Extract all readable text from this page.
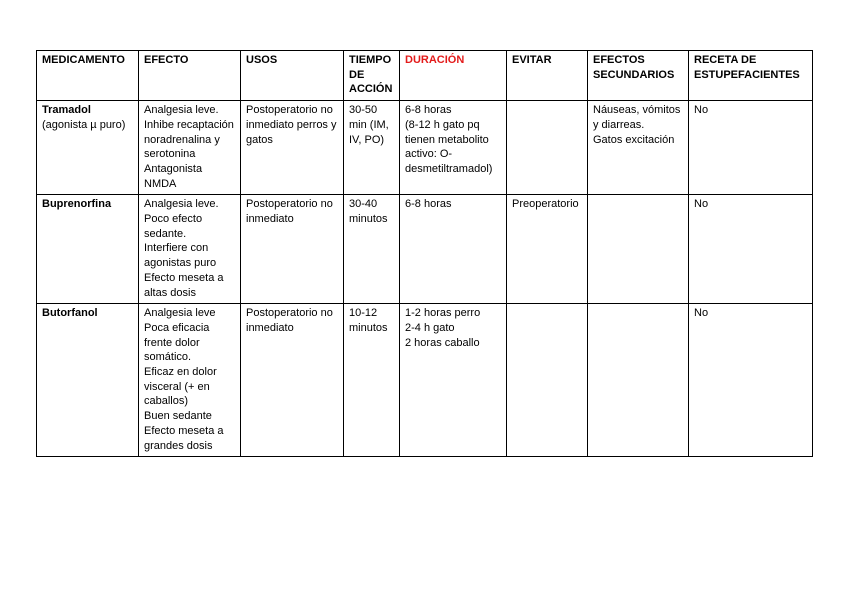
MEDICAMENTO	EFECTO	USOS	TIEMPO DE ACCIÓN	DURACIÓN	EVITAR	EFECTOS SECUNDARIOS	RECETA DE ESTUPEFACIENTES

Tramadol
(agonista µ puro)	Analgesia leve.
Inhibe recaptación noradrenalina y serotonina
Antagonista NMDA	Postoperatorio no inmediato perros y gatos	30-50 min (IM, IV, PO)	6-8 horas
(8-12 h gato pq tienen metabolito activo: O-desmetiltramadol)		Náuseas, vómitos y diarreas.
Gatos excitación	No

Buprenorfina	Analgesia leve.
Poco efecto sedante.
Interfiere con agonistas puro
Efecto meseta a altas dosis	Postoperatorio no inmediato	30-40 minutos	6-8 horas	Preoperatorio		No

Butorfanol	Analgesia leve
Poca eficacia frente dolor somático.
Eficaz en dolor visceral (+ en caballos)
Buen sedante
Efecto meseta a grandes dosis	Postoperatorio no inmediato	10-12 minutos	1-2 horas perro
2-4 h gato
2 horas caballo			No
